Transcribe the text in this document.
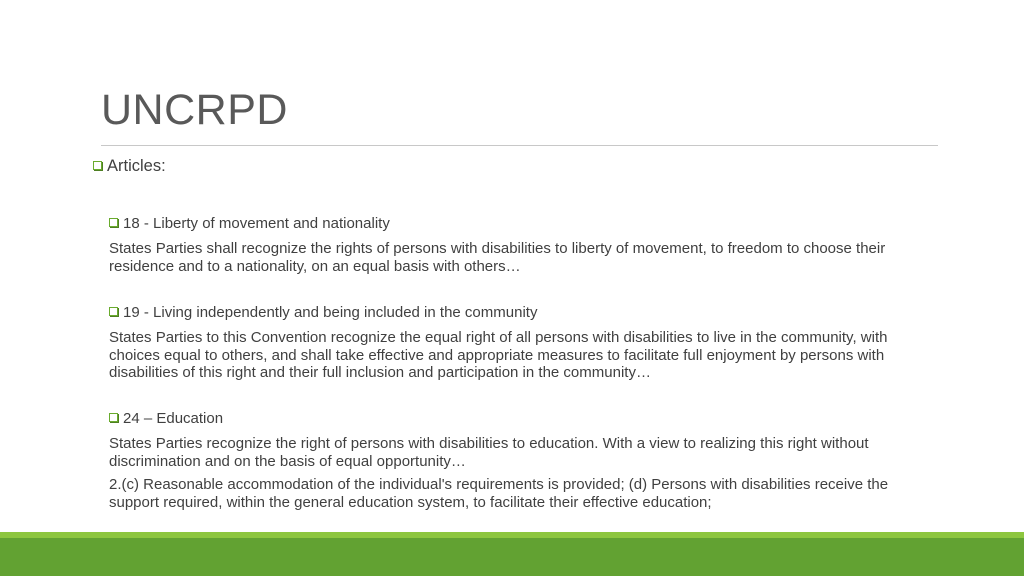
UNCRPD
Articles:
18 - Liberty of movement and nationality
States Parties shall recognize the rights of persons with disabilities to liberty of movement, to freedom to choose their residence and to a nationality, on an equal basis with others…
19 - Living independently and being included in the community
States Parties to this Convention recognize the equal right of all persons with disabilities to live in the community, with choices equal to others, and shall take effective and appropriate measures to facilitate full enjoyment by persons with disabilities of this right and their full inclusion and participation in the community…
24 – Education
States Parties recognize the right of persons with disabilities to education. With a view to realizing this right without discrimination and on the basis of equal opportunity…
2.(c) Reasonable accommodation of the individual's requirements is provided; (d) Persons with disabilities receive the support required, within the general education system, to facilitate their effective education;
